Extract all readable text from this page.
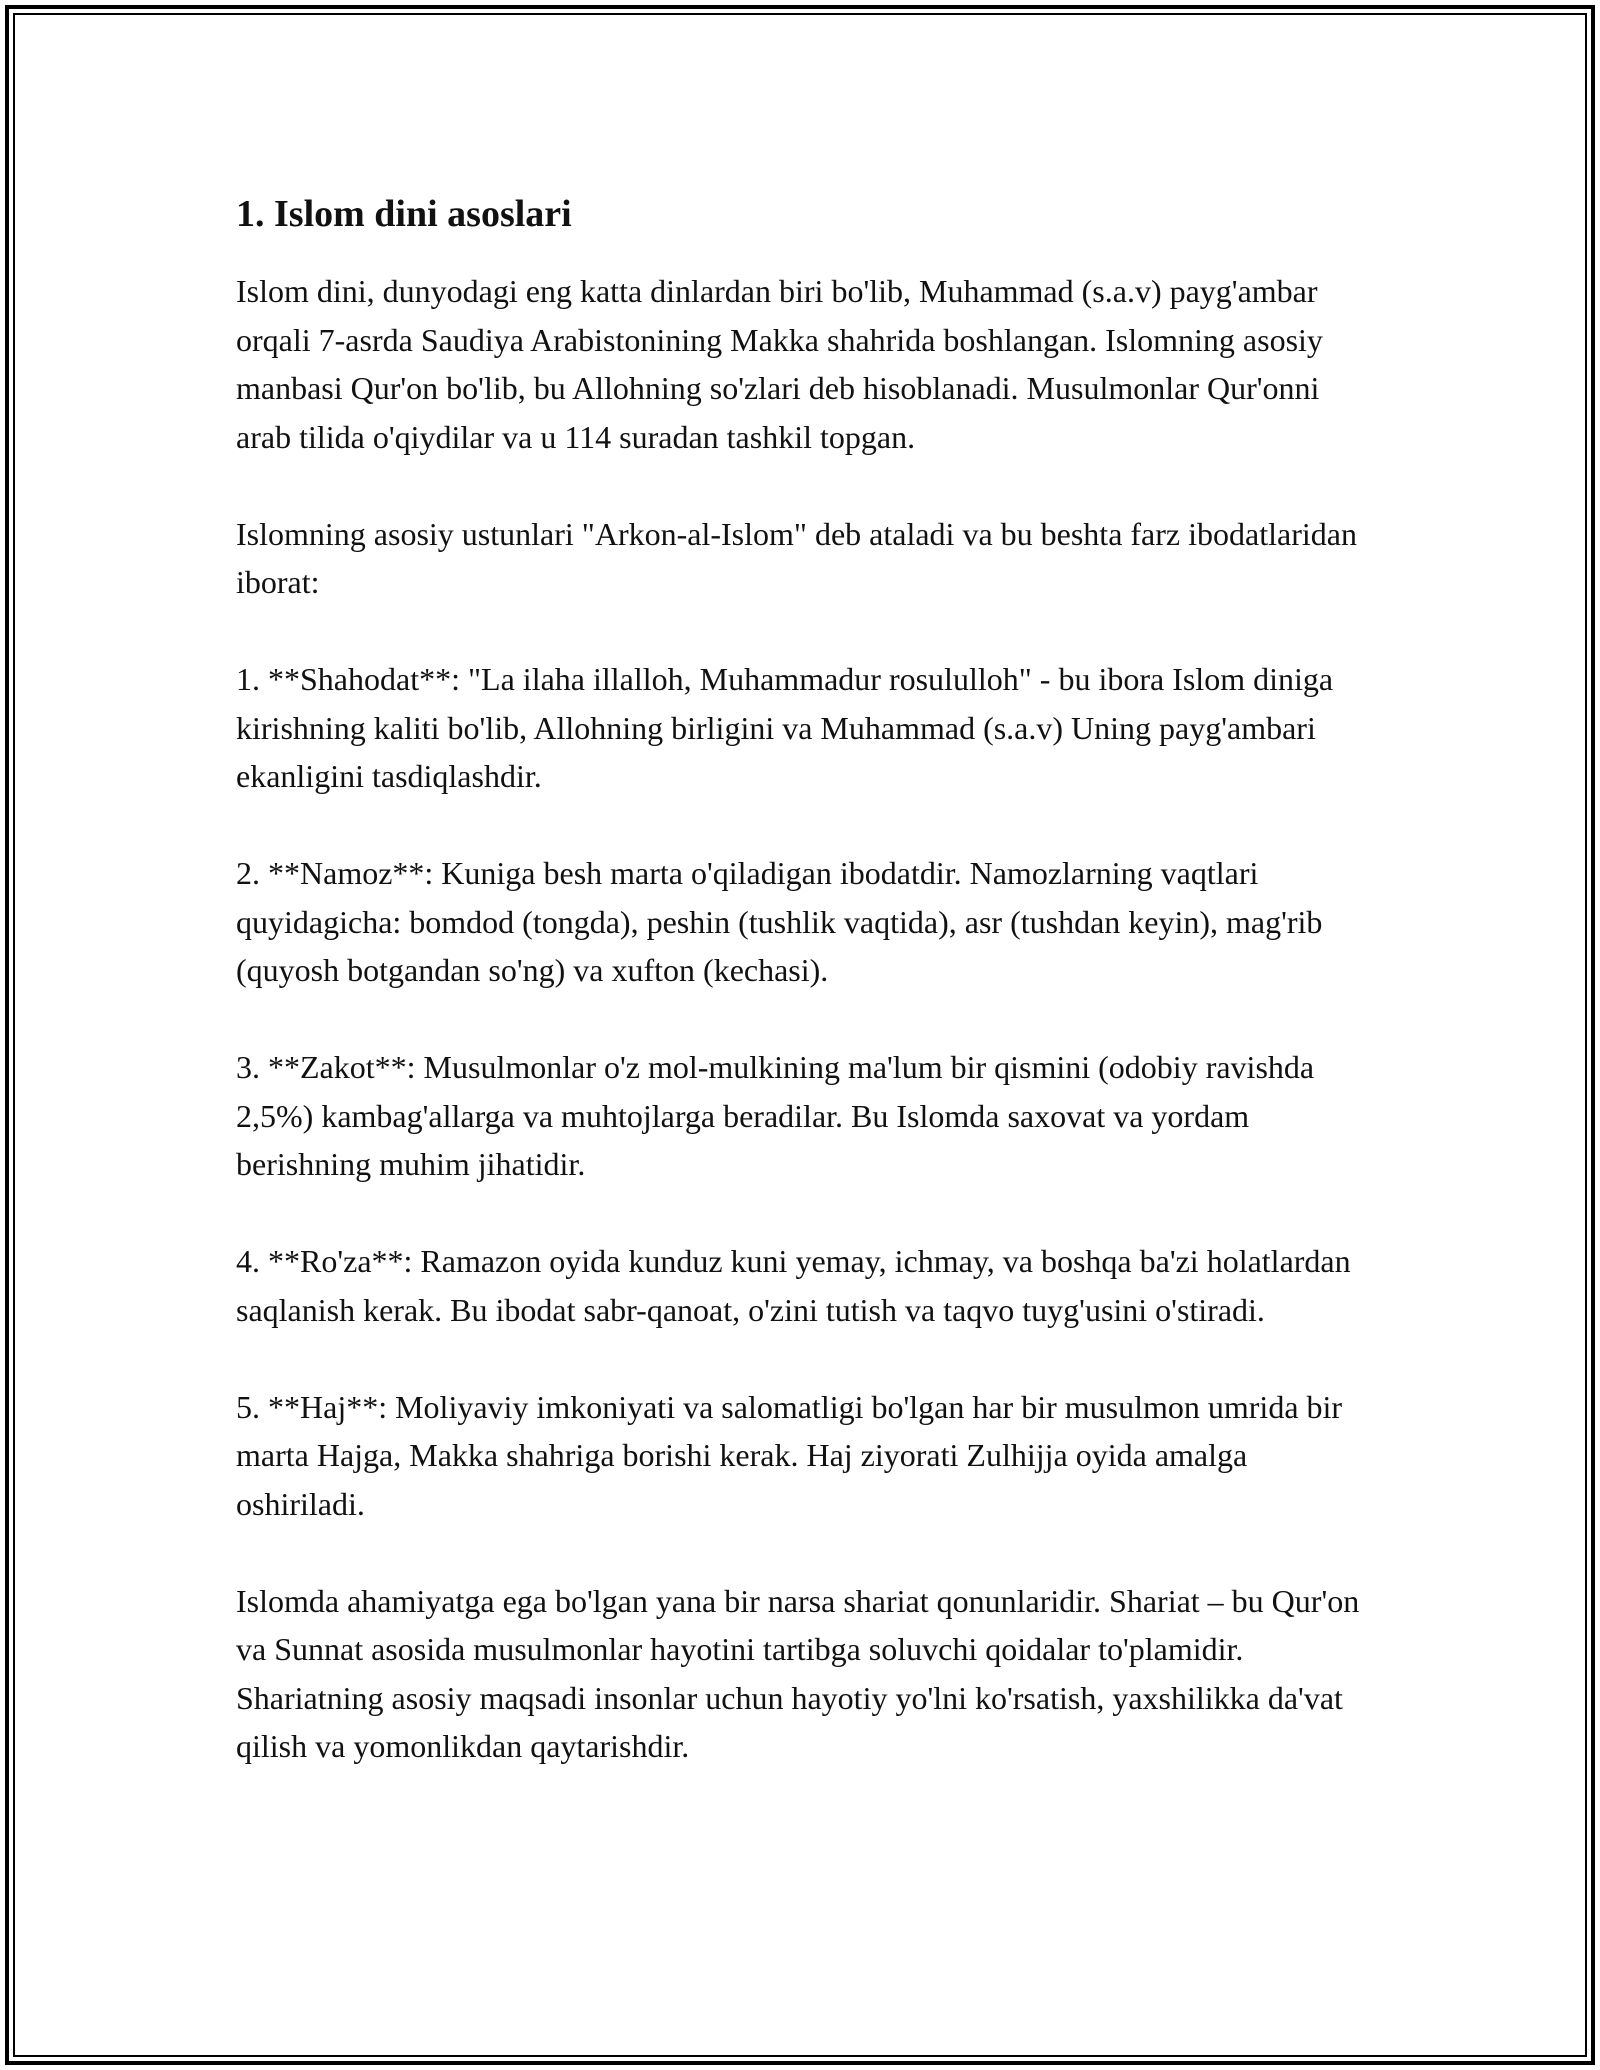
1. Islom dini asoslari

Islom dini, dunyodagi eng katta dinlardan biri bo'lib, Muhammad (s.a.v) payg'ambar orqali 7-asrda Saudiya Arabistonining Makka shahrida boshlangan. Islomning asosiy manbasi Qur'on bo'lib, bu Allohning so'zlari deb hisoblanadi. Musulmonlar Qur'onni arab tilida o'qiydilar va u 114 suradan tashkil topgan.

Islomning asosiy ustunlari "Arkon-al-Islom" deb ataladi va bu beshta farz ibodatlaridan iborat:

1. **Shahodat**: "La ilaha illalloh, Muhammadur rosululloh" - bu ibora Islom diniga kirishning kaliti bo'lib, Allohning birligini va Muhammad (s.a.v) Uning payg'ambari ekanligini tasdiqlashdir.

2. **Namoz**: Kuniga besh marta o'qiladigan ibodatdir. Namozlarning vaqtlari quyidagicha: bomdod (tongda), peshin (tushlik vaqtida), asr (tushdan keyin), mag'rib (quyosh botgandan so'ng) va xufton (kechasi).

3. **Zakot**: Musulmonlar o'z mol-mulkining ma'lum bir qismini (odobiy ravishda 2,5%) kambag'allarga va muhtojlarga beradilar. Bu Islomda saxovat va yordam berishning muhim jihatidir.

4. **Ro'za**: Ramazon oyida kunduz kuni yemay, ichmay, va boshqa ba'zi holatlardan saqlanish kerak. Bu ibodat sabr-qanoat, o'zini tutish va taqvo tuyg'usini o'stiradi.

5. **Haj**: Moliyaviy imkoniyati va salomatligi bo'lgan har bir musulmon umrida bir marta Hajga, Makka shahriga borishi kerak. Haj ziyorati Zulhijja oyida amalga oshiriladi.

Islomda ahamiyatga ega bo'lgan yana bir narsa shariat qonunlaridir. Shariat – bu Qur'on va Sunnat asosida musulmonlar hayotini tartibga soluvchi qoidalar to'plamidir. Shariatning asosiy maqsadi insonlar uchun hayotiy yo'lni ko'rsatish, yaxshilikka da'vat qilish va yomonlikdan qaytarishdir.
